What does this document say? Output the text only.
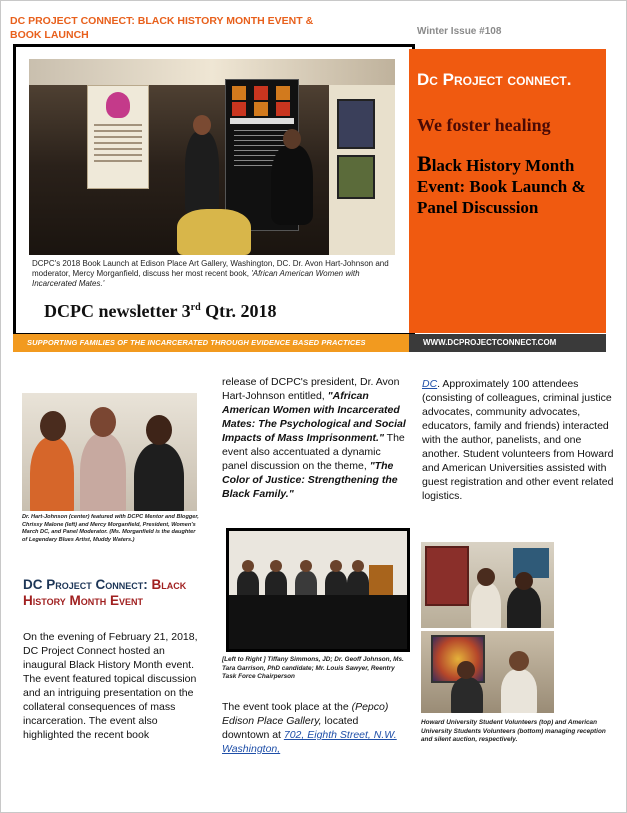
DC PROJECT CONNECT: BLACK HISTORY MONTH EVENT & BOOK LAUNCH	Winter Issue #108
DCPC's 2018 Book Launch at Edison Place Art Gallery, Washington, DC. Dr. Avon Hart-Johnson and moderator, Mercy Morganfield, discuss her most recent book, 'African American Women with Incarcerated Mates.'
DCPC newsletter 3rd Qtr. 2018
Dc Project connect.
We foster healing
Black History Month Event: Book Launch & Panel Discussion
SUPPORTING FAMILIES OF THE INCARCERATED THROUGH EVIDENCE BASED PRACTICES	WWW.DCPROJECTCONNECT.COM
Dr. Hart-Johnson (center) featured with DCPC Mentor and Blogger, Chrissy Malone (left) and Mercy Morganfield, President, Women's March DC, and Panel Moderator. (Ms. Morganfield is the daughter of Legendary Blues Artist, Muddy Waters.)
DC Project Connect: Black History Month Event
On the evening of February 21, 2018, DC Project Connect hosted an inaugural Black History Month event. The event featured topical discussion and an intriguing presentation on the collateral consequences of mass incarceration. The event also highlighted the recent book
release of DCPC's president, Dr. Avon Hart-Johnson entitled, "African American Women with Incarcerated Mates: The Psychological and Social Impacts of Mass Imprisonment." The event also accentuated a dynamic panel discussion on the theme, "The Color of Justice: Strengthening the Black Family."
[Left to Right ] Tiffany Simmons, JD; Dr. Geoff Johnson, Ms. Tara Garrison, PhD candidate; Mr. Louis Sawyer, Reentry Task Force Chairperson
The event took place at the (Pepco) Edison Place Gallery, located downtown at 702, Eighth Street, N.W. Washington,
DC. Approximately 100 attendees (consisting of colleagues, criminal justice advocates, community advocates, educators, family and friends) interacted with the author, panelists, and one another. Student volunteers from Howard and American Universities assisted with guest registration and other event related logistics.
Howard University Student Volunteers (top) and American University Students Volunteers (bottom) managing reception and silent auction, respectively.
